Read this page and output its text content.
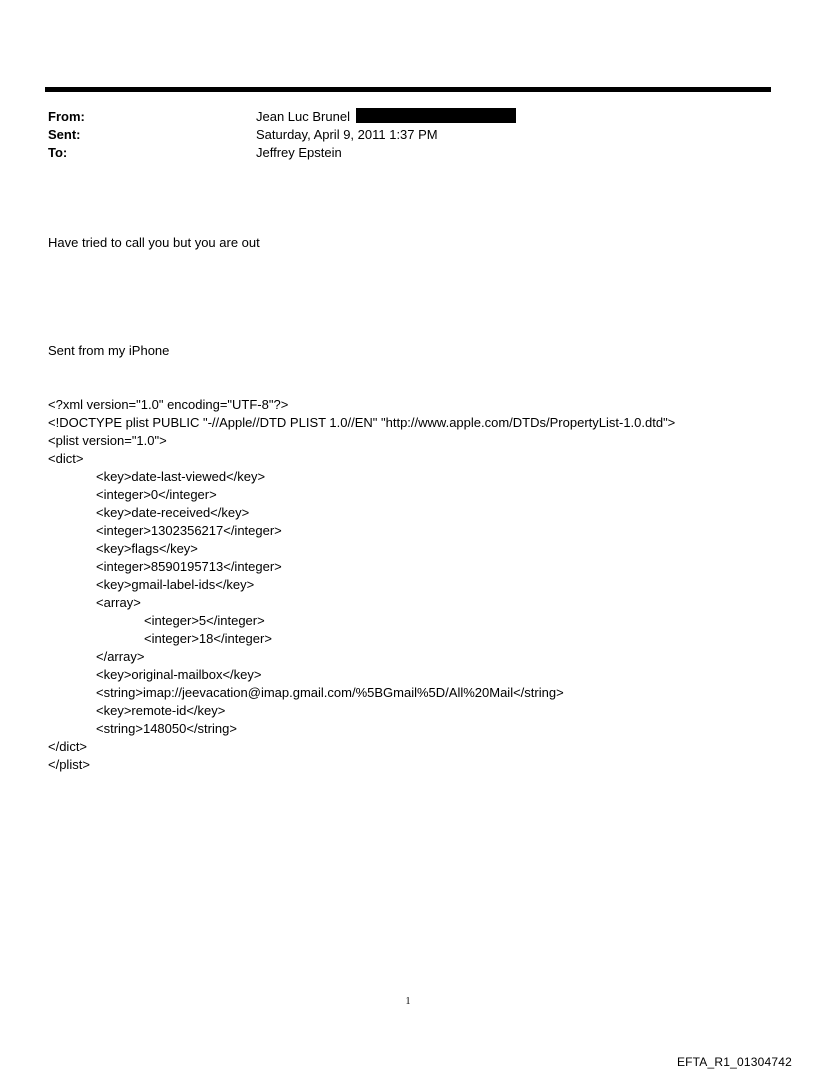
From:	Jean Luc Brunel
Sent:	Saturday, April 9, 2011 1:37 PM
To:	Jeffrey Epstein

Have tried to call you but you are out

Sent from my iPhone

<?xml version="1.0" encoding="UTF-8"?>
<!DOCTYPE plist PUBLIC "-//Apple//DTD PLIST 1.0//EN" "http://www.apple.com/DTDs/PropertyList-1.0.dtd">
<plist version="1.0">
<dict>
<key>date-last-viewed</key>
<integer>0</integer>
<key>date-received</key>
<integer>1302356217</integer>
<key>flags</key>
<integer>8590195713</integer>
<key>gmail-label-ids</key>
<array>
<integer>5</integer>
<integer>18</integer>
</array>
<key>original-mailbox</key>
<string>imap://jeevacation@imap.gmail.com/%5BGmail%5D/All%20Mail</string>
<key>remote-id</key>
<string>148050</string>
</dict>
</plist>

1
EFTA_R1_01304742
